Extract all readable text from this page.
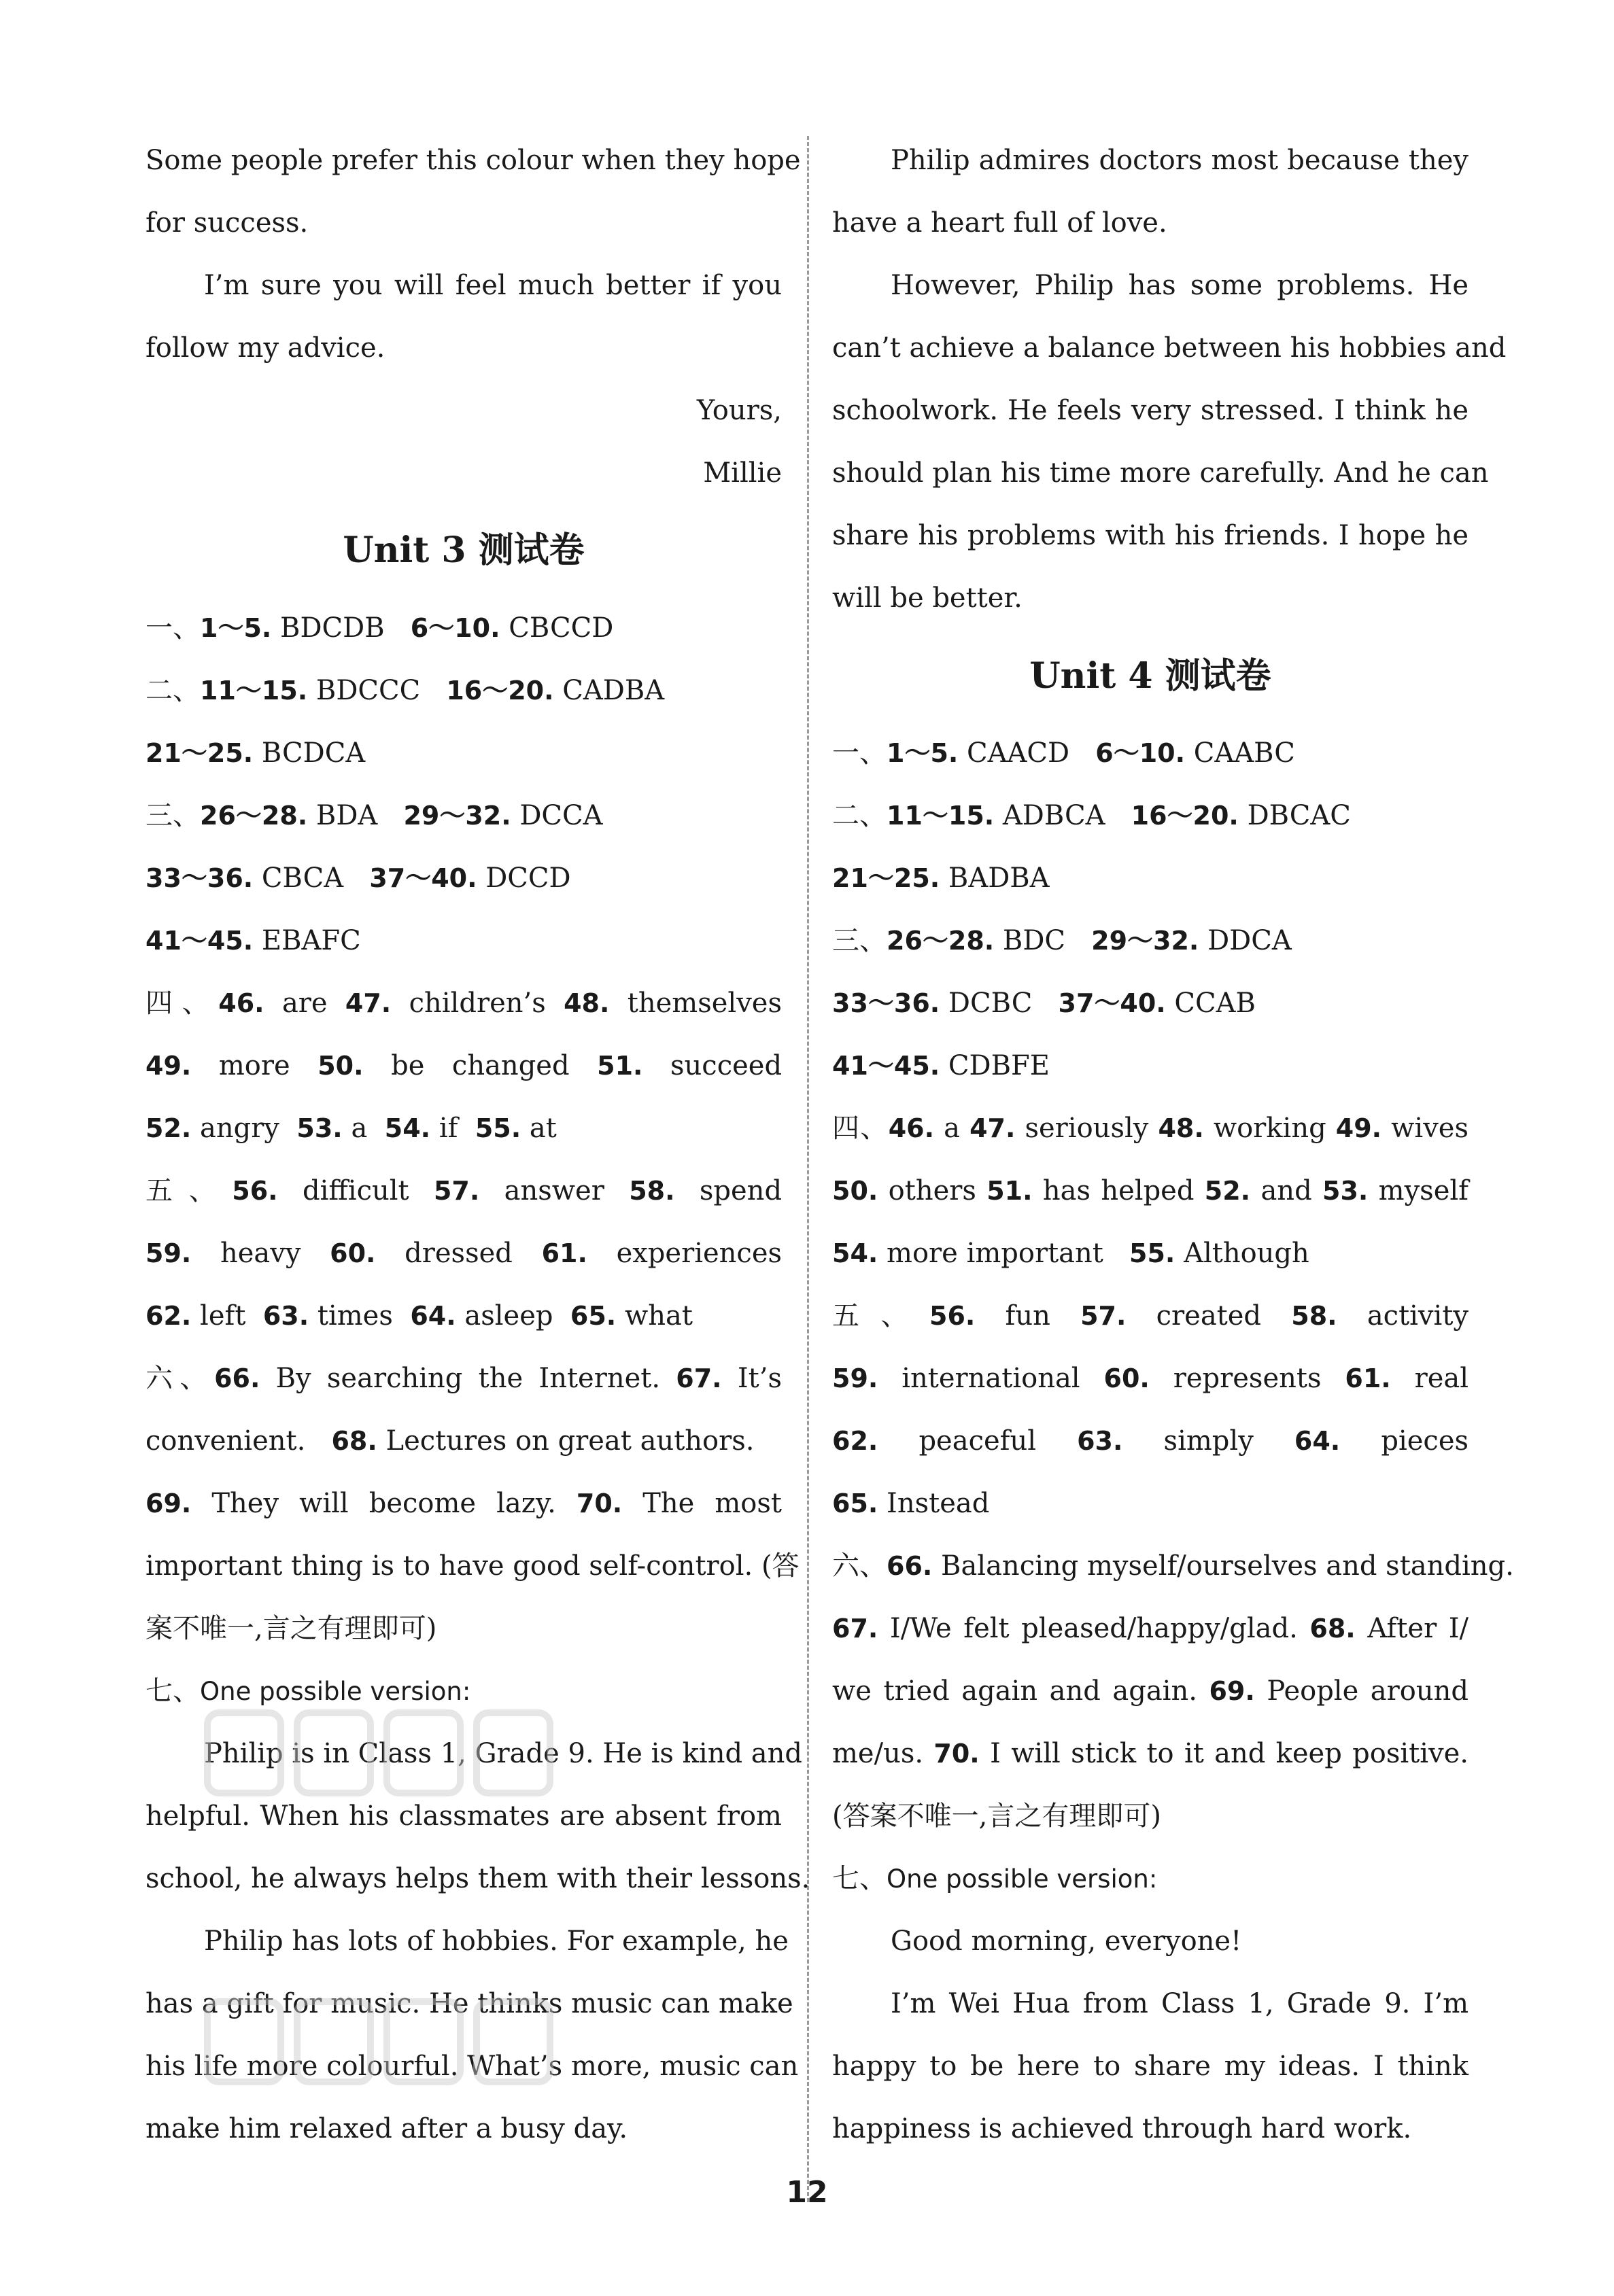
Some people prefer this colour when they hope
for success.
I’m sure you will feel much better if you
follow my advice.
Yours,
Millie
Unit 3 测试卷
一、1～5. BDCDB 6～10. CBCCD
二、11～15. BDCCC 16～20. CADBA
21～25. BCDCA
三、26～28. BDA 29～32. DCCA
33～36. CBCA 37～40. DCCD
41～45. EBAFC
四、46. are 47. children’s 48. themselves
49. more 50. be changed 51. succeed
52. angry 53. a 54. if 55. at
五、56. difficult 57. answer 58. spend
59. heavy 60. dressed 61. experiences
62. left 63. times 64. asleep 65. what
六、66. By searching the Internet. 67. It’s
convenient. 68. Lectures on great authors.
69. They will become lazy. 70. The most
important thing is to have good self-control. (答
案不唯一,言之有理即可)
七、One possible version:
Philip is in Class 1, Grade 9. He is kind and
helpful. When his classmates are absent from
school, he always helps them with their lessons.
Philip has lots of hobbies. For example, he
has a gift for music. He thinks music can make
his life more colourful. What’s more, music can
make him relaxed after a busy day.
Philip admires doctors most because they
have a heart full of love.
However, Philip has some problems. He
can’t achieve a balance between his hobbies and
schoolwork. He feels very stressed. I think he
should plan his time more carefully. And he can
share his problems with his friends. I hope he
will be better.
Unit 4 测试卷
一、1～5. CAACD 6～10. CAABC
二、11～15. ADBCA 16～20. DBCAC
21～25. BADBA
三、26～28. BDC 29～32. DDCA
33～36. DCBC 37～40. CCAB
41～45. CDBFE
四、46. a 47. seriously 48. working 49. wives
50. others 51. has helped 52. and 53. myself
54. more important 55. Although
五、56. fun 57. created 58. activity
59. international 60. represents 61. real
62. peaceful 63. simply 64. pieces
65. Instead
六、66. Balancing myself/ourselves and standing.
67. I/We felt pleased/happy/glad. 68. After I/
we tried again and again. 69. People around
me/us. 70. I will stick to it and keep positive.
(答案不唯一,言之有理即可)
七、One possible version:
Good morning, everyone!
I’m Wei Hua from Class 1, Grade 9. I’m
happy to be here to share my ideas. I think
happiness is achieved through hard work.
12
